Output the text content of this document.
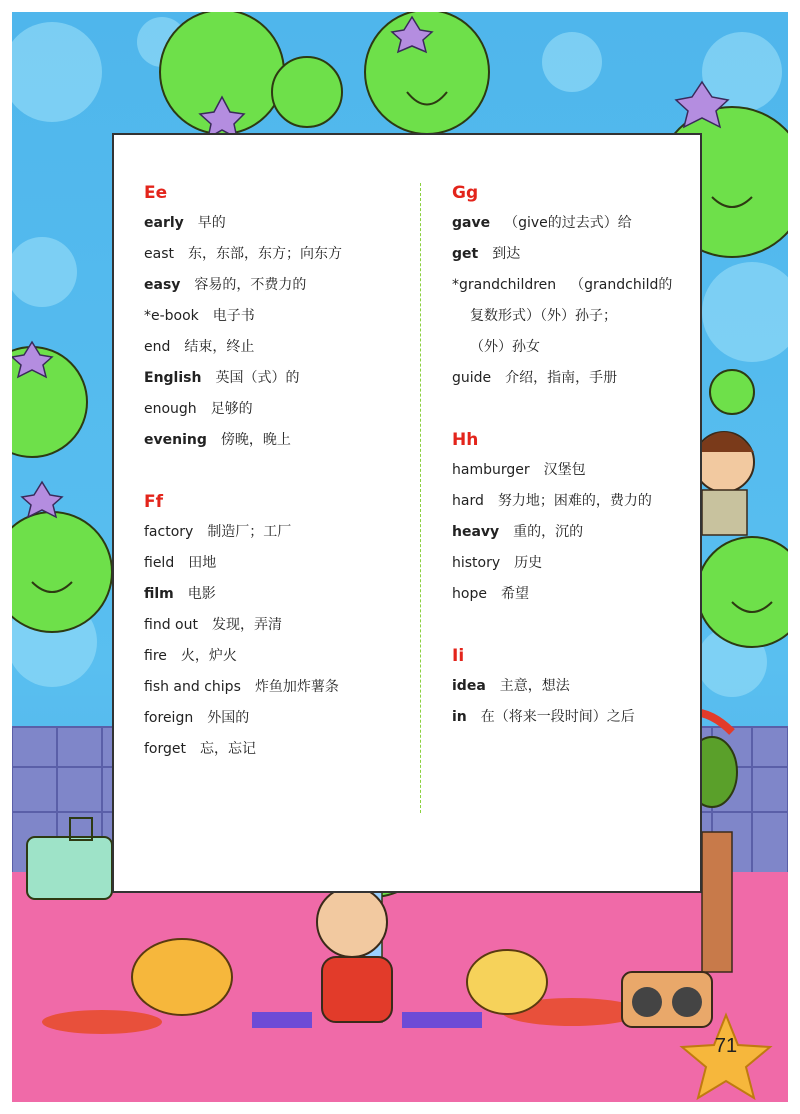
Ee
early 早的
east 东，东部，东方；向东方
easy 容易的，不费力的
*e-book 电子书
end 结束，终止
English 英国（式）的
enough 足够的
evening 傍晚，晚上
Ff
factory 制造厂；工厂
field 田地
film 电影
find out 发现，弄清
fire 火，炉火
fish and chips 炸鱼加炸薯条
foreign 外国的
forget 忘，忘记
Gg
gave （give的过去式）给
get 到达
*grandchildren （grandchild的
复数形式）（外）孙子；
（外）孙女
guide 介绍，指南，手册
Hh
hamburger 汉堡包
hard 努力地；困难的，费力的
heavy 重的，沉的
history 历史
hope 希望
Ii
idea 主意，想法
in 在（将来一段时间）之后
71
